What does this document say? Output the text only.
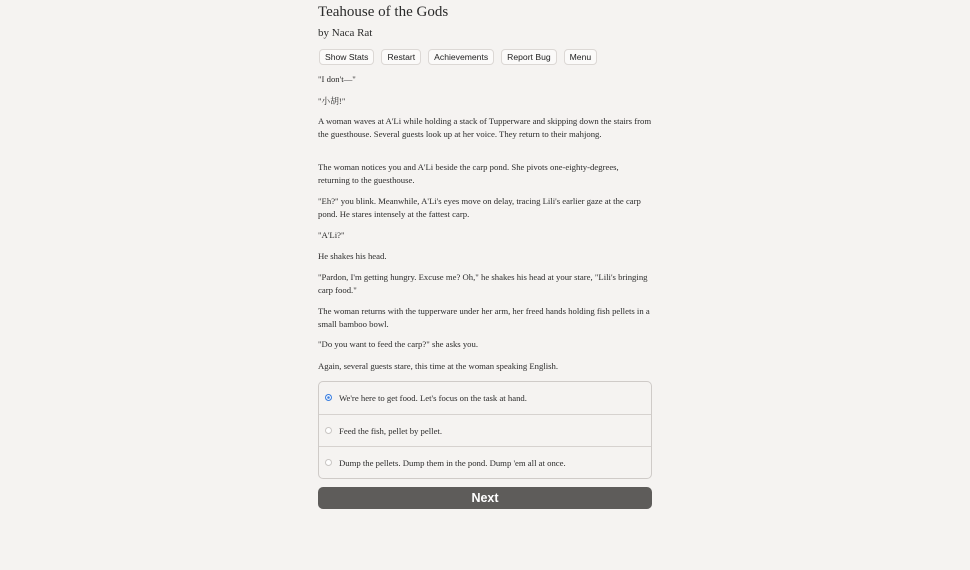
Teahouse of the Gods
by Naca Rat
Show Stats	Restart	Achievements	Report Bug	Menu

"I don't—"

"小胡!"

A woman waves at A'Li while holding a stack of Tupperware and skipping down the stairs from the guesthouse. Several guests look up at her voice. They return to their mahjong.

The woman notices you and A'Li beside the carp pond. She pivots one-eighty-degrees, returning to the guesthouse.

"Eh?" you blink. Meanwhile, A'Li's eyes move on delay, tracing Lili's earlier gaze at the carp pond. He stares intensely at the fattest carp.

"A'Li?"

He shakes his head.

"Pardon, I'm getting hungry. Excuse me? Oh," he shakes his head at your stare, "Lili's bringing carp food."

The woman returns with the tupperware under her arm, her freed hands holding fish pellets in a small bamboo bowl.

"Do you want to feed the carp?" she asks you.

Again, several guests stare, this time at the woman speaking English.

We're here to get food. Let's focus on the task at hand.
Feed the fish, pellet by pellet.
Dump the pellets. Dump them in the pond. Dump 'em all at once.
Next
